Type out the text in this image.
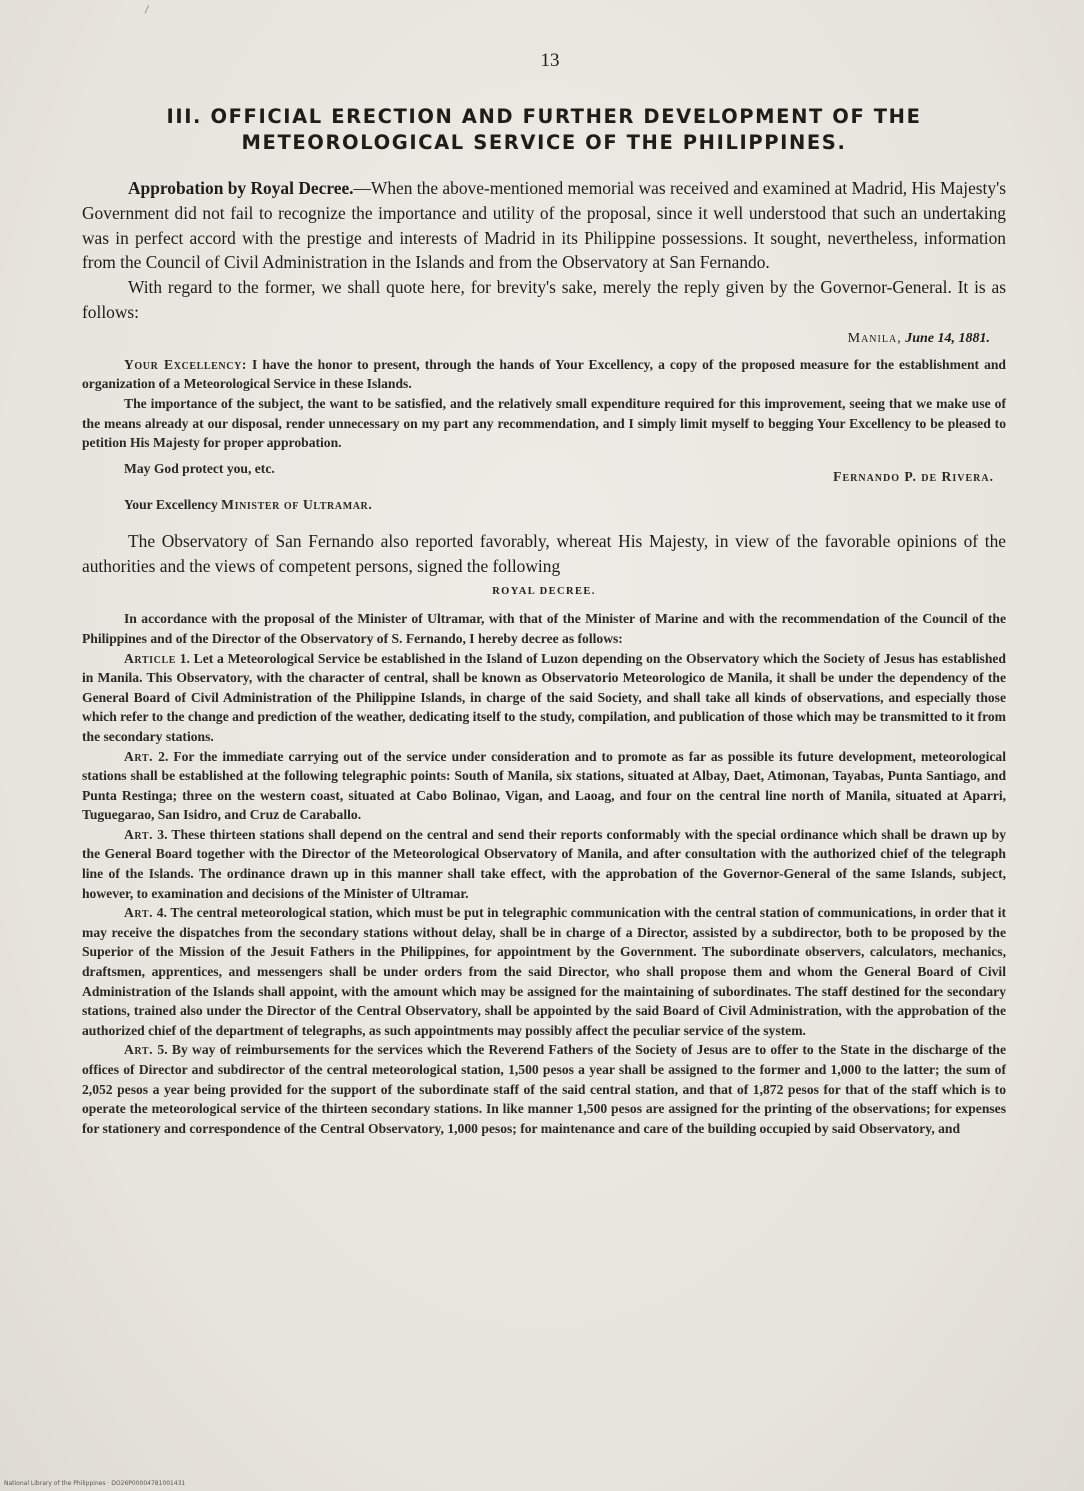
13
III. OFFICIAL ERECTION AND FURTHER DEVELOPMENT OF THE
METEOROLOGICAL SERVICE OF THE PHILIPPINES.

Approbation by Royal Decree.—When the above-mentioned memorial was received and examined at Madrid, His Majesty's Government did not fail to recognize the importance and utility of the proposal, since it well understood that such an undertaking was in perfect accord with the prestige and interests of Madrid in its Philippine possessions. It sought, nevertheless, information from the Council of Civil Administration in the Islands and from the Observatory at San Fernando.

With regard to the former, we shall quote here, for brevity's sake, merely the reply given by the Governor-General. It is as follows:

Manila, June 14, 1881.

Your Excellency: I have the honor to present, through the hands of Your Excellency, a copy of the proposed measure for the establishment and organization of a Meteorological Service in these Islands.

The importance of the subject, the want to be satisfied, and the relatively small expenditure required for this improvement, seeing that we make use of the means already at our disposal, render unnecessary on my part any recommendation, and I simply limit myself to begging Your Excellency to be pleased to petition His Majesty for proper approbation.

May God protect you, etc.
Fernando P. de Rivera.
Your Excellency Minister of Ultramar.

The Observatory of San Fernando also reported favorably, whereat His Majesty, in view of the favorable opinions of the authorities and the views of competent persons, signed the following

ROYAL DECREE.

In accordance with the proposal of the Minister of Ultramar, with that of the Minister of Marine and with the recommendation of the Council of the Philippines and of the Director of the Observatory of S. Fernando, I hereby decree as follows:

Article 1. Let a Meteorological Service be established in the Island of Luzon depending on the Observatory which the Society of Jesus has established in Manila. This Observatory, with the character of central, shall be known as Observatorio Meteorologico de Manila, it shall be under the dependency of the General Board of Civil Administration of the Philippine Islands, in charge of the said Society, and shall take all kinds of observations, and especially those which refer to the change and prediction of the weather, dedicating itself to the study, compilation, and publication of those which may be transmitted to it from the secondary stations.

Art. 2. For the immediate carrying out of the service under consideration and to promote as far as possible its future development, meteorological stations shall be established at the following telegraphic points: South of Manila, six stations, situated at Albay, Daet, Atimonan, Tayabas, Punta Santiago, and Punta Restinga; three on the western coast, situated at Cabo Bolinao, Vigan, and Laoag, and four on the central line north of Manila, situated at Aparri, Tuguegarao, San Isidro, and Cruz de Caraballo.

Art. 3. These thirteen stations shall depend on the central and send their reports conformably with the special ordinance which shall be drawn up by the General Board together with the Director of the Meteorological Observatory of Manila, and after consultation with the authorized chief of the telegraph line of the Islands. The ordinance drawn up in this manner shall take effect, with the approbation of the Governor-General of the same Islands, subject, however, to examination and decisions of the Minister of Ultramar.

Art. 4. The central meteorological station, which must be put in telegraphic communication with the central station of communications, in order that it may receive the dispatches from the secondary stations without delay, shall be in charge of a Director, assisted by a subdirector, both to be proposed by the Superior of the Mission of the Jesuit Fathers in the Philippines, for appointment by the Government. The subordinate observers, calculators, mechanics, draftsmen, apprentices, and messengers shall be under orders from the said Director, who shall propose them and whom the General Board of Civil Administration of the Islands shall appoint, with the amount which may be assigned for the maintaining of subordinates. The staff destined for the secondary stations, trained also under the Director of the Central Observatory, shall be appointed by the said Board of Civil Administration, with the approbation of the authorized chief of the department of telegraphs, as such appointments may possibly affect the peculiar service of the system.

Art. 5. By way of reimbursements for the services which the Reverend Fathers of the Society of Jesus are to offer to the State in the discharge of the offices of Director and subdirector of the central meteorological station, 1,500 pesos a year shall be assigned to the former and 1,000 to the latter; the sum of 2,052 pesos a year being provided for the support of the subordinate staff of the said central station, and that of 1,872 pesos for that of the staff which is to operate the meteorological service of the thirteen secondary stations. In like manner 1,500 pesos are assigned for the printing of the observations; for expenses for stationery and correspondence of the Central Observatory, 1,000 pesos; for maintenance and care of the building occupied by said Observatory, and

National Library of the Philippines · DO26P00004781001431
